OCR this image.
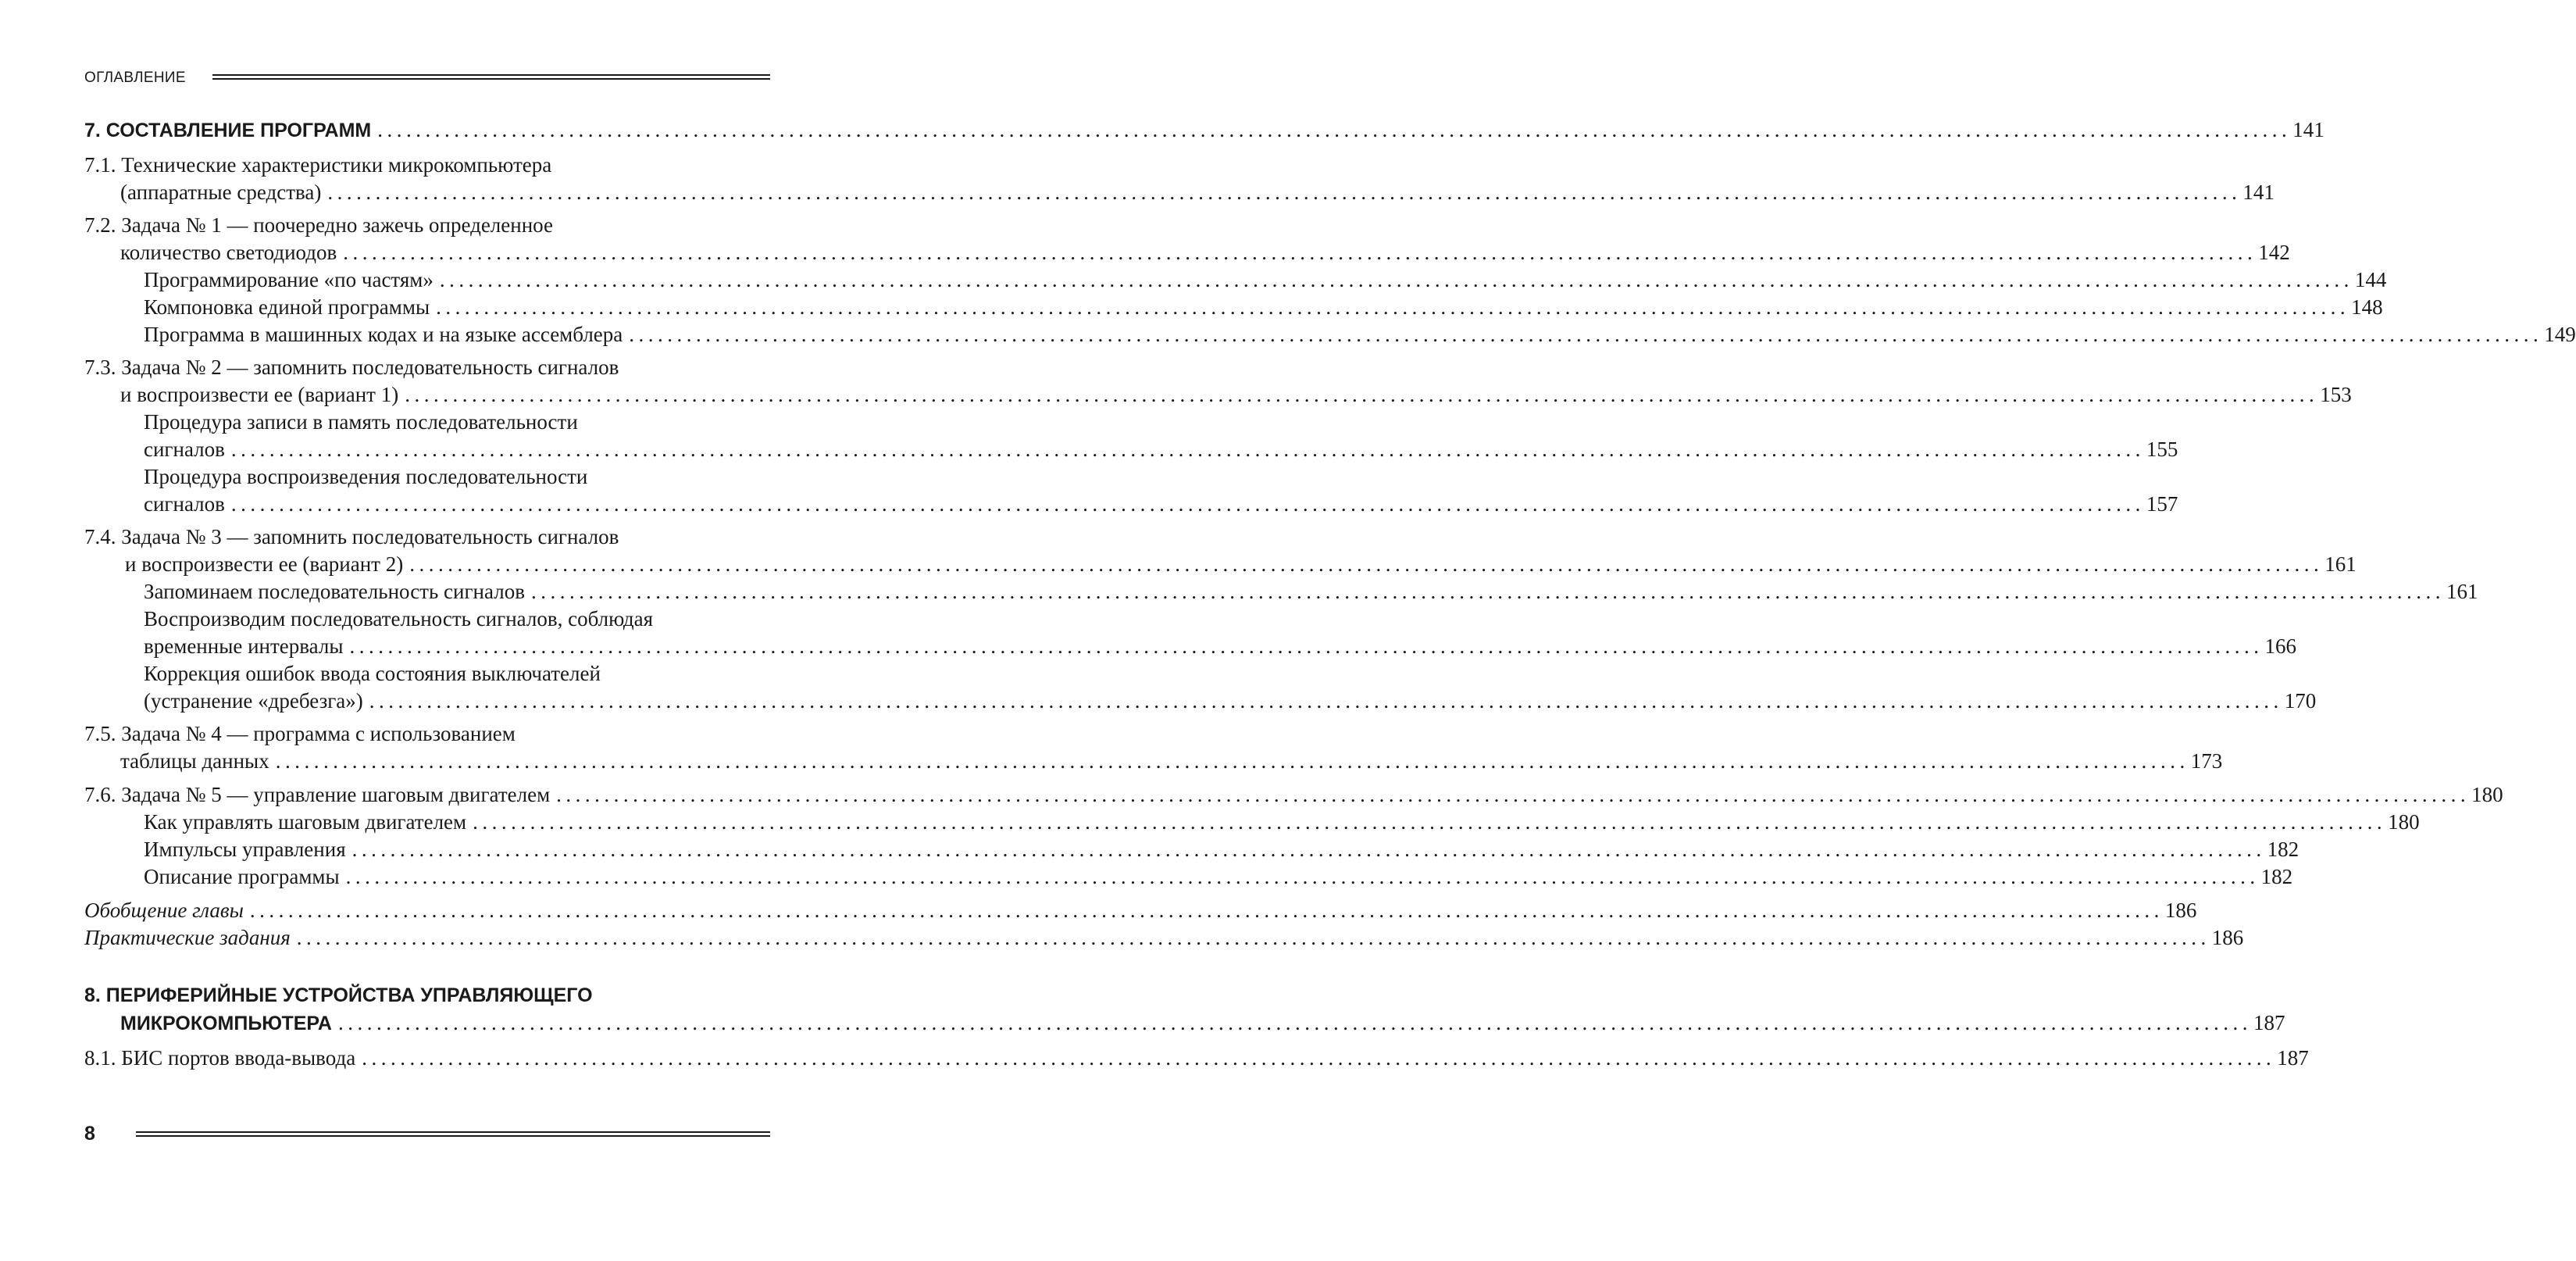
ОГЛАВЛЕНИЕ
7. СОСТАВЛЕНИЕ ПРОГРАММ ........................................................................................................................................................................................................ 141
7.1. Технические характеристики микрокомпьютера
(аппаратные средства) ........................................................................................................................................................................................................ 141
7.2. Задача № 1 — поочередно зажечь определенное
количество светодиодов ........................................................................................................................................................................................................ 142
Программирование «по частям» ........................................................................................................................................................................................................ 144
Компоновка единой программы ........................................................................................................................................................................................................ 148
Программа в машинных кодах и на языке ассемблера ........................................................................................................................................................................................................ 149
7.3. Задача № 2 — запомнить последовательность сигналов
и воспроизвести ее (вариант 1) ........................................................................................................................................................................................................ 153
Процедура записи в память последовательности
сигналов ........................................................................................................................................................................................................ 155
Процедура воспроизведения последовательности
сигналов ........................................................................................................................................................................................................ 157
7.4. Задача № 3 — запомнить последовательность сигналов
и воспроизвести ее (вариант 2) ........................................................................................................................................................................................................ 161
Запоминаем последовательность сигналов ........................................................................................................................................................................................................ 161
Воспроизводим последовательность сигналов, соблюдая
временные интервалы ........................................................................................................................................................................................................ 166
Коррекция ошибок ввода состояния выключателей
(устранение «дребезга») ........................................................................................................................................................................................................ 170
7.5. Задача № 4 — программа с использованием
таблицы данных ........................................................................................................................................................................................................ 173
7.6. Задача № 5 — управление шаговым двигателем ........................................................................................................................................................................................................ 180
Как управлять шаговым двигателем ........................................................................................................................................................................................................ 180
Импульсы управления ........................................................................................................................................................................................................ 182
Описание программы ........................................................................................................................................................................................................ 182
Обобщение главы ........................................................................................................................................................................................................ 186
Практические задания ........................................................................................................................................................................................................ 186
8. ПЕРИФЕРИЙНЫЕ УСТРОЙСТВА УПРАВЛЯЮЩЕГО
МИКРОКОМПЬЮТЕРА ........................................................................................................................................................................................................ 187
8.1. БИС портов ввода-вывода ........................................................................................................................................................................................................ 187
8
